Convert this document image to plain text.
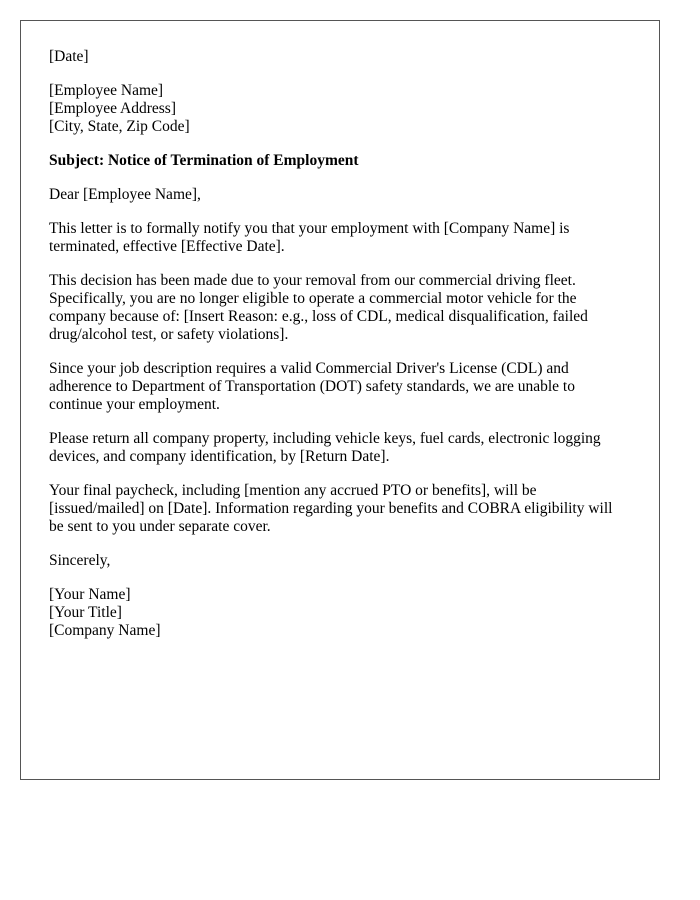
[Date]
[Employee Name]
[Employee Address]
[City, State, Zip Code]
Subject: Notice of Termination of Employment
Dear [Employee Name],
This letter is to formally notify you that your employment with [Company Name] is
terminated, effective [Effective Date].
This decision has been made due to your removal from our commercial driving fleet.
Specifically, you are no longer eligible to operate a commercial motor vehicle for the
company because of: [Insert Reason: e.g., loss of CDL, medical disqualification, failed
drug/alcohol test, or safety violations].
Since your job description requires a valid Commercial Driver's License (CDL) and
adherence to Department of Transportation (DOT) safety standards, we are unable to
continue your employment.
Please return all company property, including vehicle keys, fuel cards, electronic logging
devices, and company identification, by [Return Date].
Your final paycheck, including [mention any accrued PTO or benefits], will be
[issued/mailed] on [Date]. Information regarding your benefits and COBRA eligibility will
be sent to you under separate cover.
Sincerely,
[Your Name]
[Your Title]
[Company Name]
